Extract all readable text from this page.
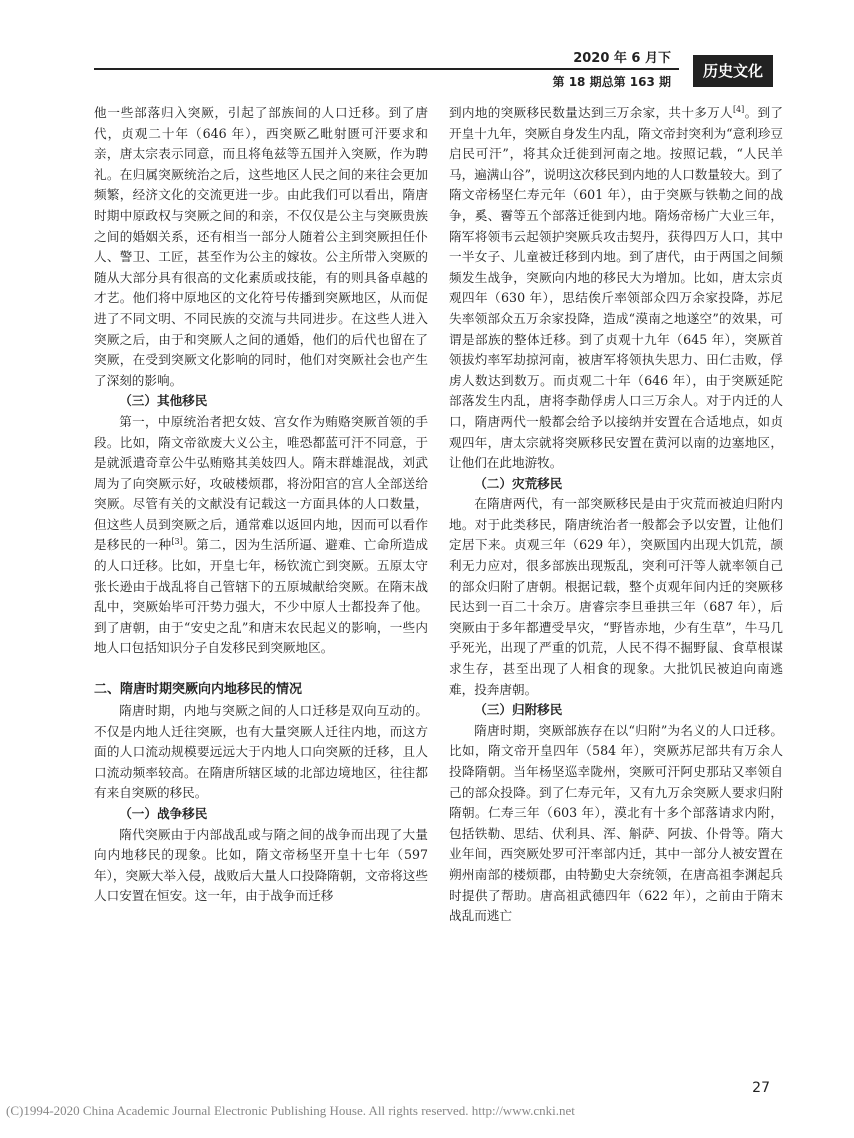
2020 年 6 月下
第 18 期总第 163 期
历史文化

他一些部落归入突厥，引起了部族间的人口迁移。到了唐代，贞观二十年（646 年），西突厥乙毗射匮可汗要求和亲，唐太宗表示同意，而且将龟兹等五国并入突厥，作为聘礼。在归属突厥统治之后，这些地区人民之间的来往会更加频繁，经济文化的交流更进一步。由此我们可以看出，隋唐时期中原政权与突厥之间的和亲，不仅仅是公主与突厥贵族之间的婚姻关系，还有相当一部分人随着公主到突厥担任仆人、警卫、工匠，甚至作为公主的嫁妆。公主所带入突厥的随从大部分具有很高的文化素质或技能，有的则具备卓越的才艺。他们将中原地区的文化符号传播到突厥地区，从而促进了不同文明、不同民族的交流与共同进步。在这些人进入突厥之后，由于和突厥人之间的通婚，他们的后代也留在了突厥，在受到突厥文化影响的同时，他们对突厥社会也产生了深刻的影响。

（三）其他移民

第一，中原统治者把女妓、宫女作为贿赂突厥首领的手段。比如，隋文帝欲废大义公主，唯恐都蓝可汗不同意，于是就派遣奇章公牛弘贿赂其美妓四人。隋末群雄混战，刘武周为了向突厥示好，攻破楼烦郡，将汾阳宫的宫人全部送给突厥。尽管有关的文献没有记载这一方面具体的人口数量，但这些人员到突厥之后，通常难以返回内地，因而可以看作是移民的一种[3]。第二，因为生活所逼、避难、亡命所造成的人口迁移。比如，开皇七年，杨钦流亡到突厥。五原太守张长逊由于战乱将自己管辖下的五原城献给突厥。在隋末战乱中，突厥始毕可汗势力强大，不少中原人士都投奔了他。到了唐朝，由于“安史之乱”和唐末农民起义的影响，一些内地人口包括知识分子自发移民到突厥地区。

二、隋唐时期突厥向内地移民的情况

隋唐时期，内地与突厥之间的人口迁移是双向互动的。不仅是内地人迁往突厥，也有大量突厥人迁往内地，而这方面的人口流动规模要远远大于内地人口向突厥的迁移，且人口流动频率较高。在隋唐所辖区域的北部边境地区，往往都有来自突厥的移民。

（一）战争移民

隋代突厥由于内部战乱或与隋之间的战争而出现了大量向内地移民的现象。比如，隋文帝杨坚开皇十七年（597 年），突厥大举入侵，战败后大量人口投降隋朝，文帝将这些人口安置在恒安。这一年，由于战争而迁移

到内地的突厥移民数量达到三万余家，共十多万人[4]。到了开皇十九年，突厥自身发生内乱，隋文帝封突利为“意利珍豆启民可汗”，将其众迁徙到河南之地。按照记载，“人民羊马，遍满山谷”，说明这次移民到内地的人口数量较大。到了隋文帝杨坚仁寿元年（601 年），由于突厥与铁勒之间的战争，奚、霫等五个部落迁徙到内地。隋炀帝杨广大业三年，隋军将领韦云起领护突厥兵攻击契丹，获得四万人口，其中一半女子、儿童被迁移到内地。到了唐代，由于两国之间频频发生战争，突厥向内地的移民大为增加。比如，唐太宗贞观四年（630 年），思结俟斤率领部众四万余家投降，苏尼失率领部众五万余家投降，造成“漠南之地遂空”的效果，可谓是部族的整体迁移。到了贞观十九年（645 年），突厥首领拔灼率军劫掠河南，被唐军将领执失思力、田仁击败，俘虏人数达到数万。而贞观二十年（646 年），由于突厥延陀部落发生内乱，唐将李勣俘虏人口三万余人。对于内迁的人口，隋唐两代一般都会给予以接纳并安置在合适地点，如贞观四年，唐太宗就将突厥移民安置在黄河以南的边塞地区，让他们在此地游牧。

（二）灾荒移民

在隋唐两代，有一部突厥移民是由于灾荒而被迫归附内地。对于此类移民，隋唐统治者一般都会予以安置，让他们定居下来。贞观三年（629 年），突厥国内出现大饥荒，颉利无力应对，很多部族出现叛乱，突利可汗等人就率领自己的部众归附了唐朝。根据记载，整个贞观年间内迁的突厥移民达到一百二十余万。唐睿宗李旦垂拱三年（687 年），后突厥由于多年都遭受旱灾，“野皆赤地，少有生草”，牛马几乎死光，出现了严重的饥荒，人民不得不掘野鼠、食草根谋求生存，甚至出现了人相食的现象。大批饥民被迫向南逃难，投奔唐朝。

（三）归附移民

隋唐时期，突厥部族存在以“归附”为名义的人口迁移。比如，隋文帝开皇四年（584 年），突厥苏尼部共有万余人投降隋朝。当年杨坚巡幸陇州，突厥可汗阿史那玷又率领自己的部众投降。到了仁寿元年，又有九万余突厥人要求归附隋朝。仁寿三年（603 年），漠北有十多个部落请求内附，包括铁勒、思结、伏利具、浑、斛萨、阿拔、仆骨等。隋大业年间，西突厥处罗可汗率部内迁，其中一部分人被安置在朔州南部的楼烦郡，由特勤史大奈统领，在唐高祖李渊起兵时提供了帮助。唐高祖武德四年（622 年），之前由于隋末战乱而逃亡

27
(C)1994-2020 China Academic Journal Electronic Publishing House. All rights reserved. http://www.cnki.net
